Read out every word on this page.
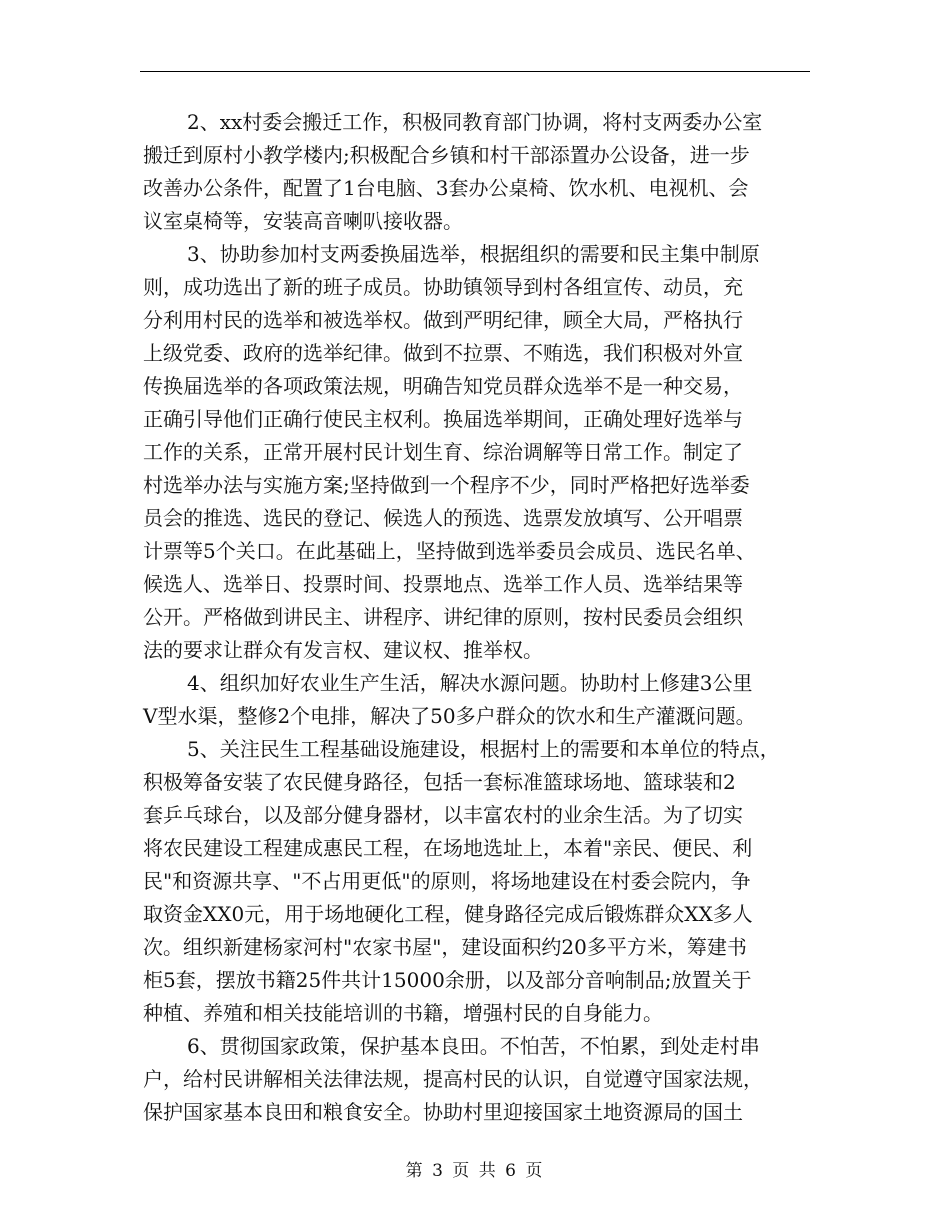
2、xx村委会搬迁工作，积极同教育部门协调，将村支两委办公室
搬迁到原村小教学楼内;积极配合乡镇和村干部添置办公设备，进一步
改善办公条件，配置了1台电脑、3套办公桌椅、饮水机、电视机、会
议室桌椅等，安装高音喇叭接收器。
3、协助参加村支两委换届选举，根据组织的需要和民主集中制原
则，成功选出了新的班子成员。协助镇领导到村各组宣传、动员，充
分利用村民的选举和被选举权。做到严明纪律，顾全大局，严格执行
上级党委、政府的选举纪律。做到不拉票、不贿选，我们积极对外宣
传换届选举的各项政策法规，明确告知党员群众选举不是一种交易，
正确引导他们正确行使民主权利。换届选举期间，正确处理好选举与
工作的关系，正常开展村民计划生育、综治调解等日常工作。制定了
村选举办法与实施方案;坚持做到一个程序不少，同时严格把好选举委
员会的推选、选民的登记、候选人的预选、选票发放填写、公开唱票
计票等5个关口。在此基础上，坚持做到选举委员会成员、选民名单、
候选人、选举日、投票时间、投票地点、选举工作人员、选举结果等
公开。严格做到讲民主、讲程序、讲纪律的原则，按村民委员会组织
法的要求让群众有发言权、建议权、推举权。
4、组织加好农业生产生活，解决水源问题。协助村上修建3公里
V型水渠，整修2个电排，解决了50多户群众的饮水和生产灌溉问题。
5、关注民生工程基础设施建设，根据村上的需要和本单位的特点，
积极筹备安装了农民健身路径，包括一套标准篮球场地、篮球装和2
套乒乓球台，以及部分健身器材，以丰富农村的业余生活。为了切实
将农民建设工程建成惠民工程，在场地选址上，本着"亲民、便民、利
民"和资源共享、"不占用更低"的原则，将场地建设在村委会院内，争
取资金XX0元，用于场地硬化工程，健身路径完成后锻炼群众XX多人
次。组织新建杨家河村"农家书屋"，建设面积约20多平方米，筹建书
柜5套，摆放书籍25件共计15000余册，以及部分音响制品;放置关于
种植、养殖和相关技能培训的书籍，增强村民的自身能力。
6、贯彻国家政策，保护基本良田。不怕苦，不怕累，到处走村串
户，给村民讲解相关法律法规，提高村民的认识，自觉遵守国家法规，
保护国家基本良田和粮食安全。协助村里迎接国家土地资源局的国土
第 3 页 共 6 页
